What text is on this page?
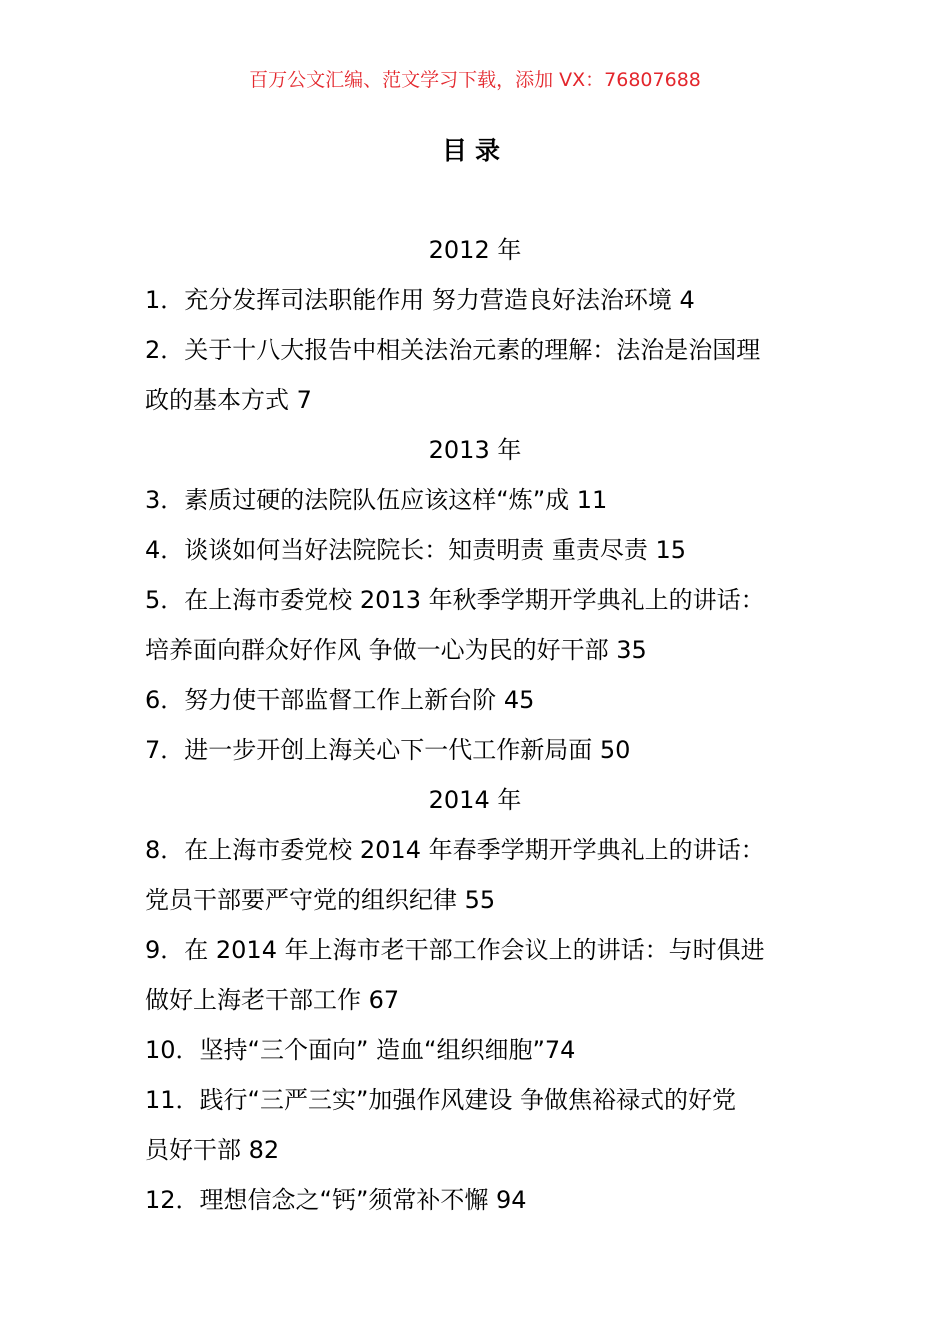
百万公文汇编、范文学习下载，添加 VX：76807688
目录
2012 年
1．充分发挥司法职能作用 努力营造良好法治环境 4
2．关于十八大报告中相关法治元素的理解：法治是治国理
政的基本方式 7
2013 年
3．素质过硬的法院队伍应该这样“炼”成 11
4．谈谈如何当好法院院长：知责明责 重责尽责 15
5．在上海市委党校 2013 年秋季学期开学典礼上的讲话：
培养面向群众好作风 争做一心为民的好干部 35
6．努力使干部监督工作上新台阶 45
7．进一步开创上海关心下一代工作新局面 50
2014 年
8．在上海市委党校 2014 年春季学期开学典礼上的讲话：
党员干部要严守党的组织纪律 55
9．在 2014 年上海市老干部工作会议上的讲话：与时俱进
做好上海老干部工作 67
10．坚持“三个面向” 造血“组织细胞”74
11．践行“三严三实”加强作风建设 争做焦裕禄式的好党
员好干部 82
12．理想信念之“钙”须常补不懈 94
